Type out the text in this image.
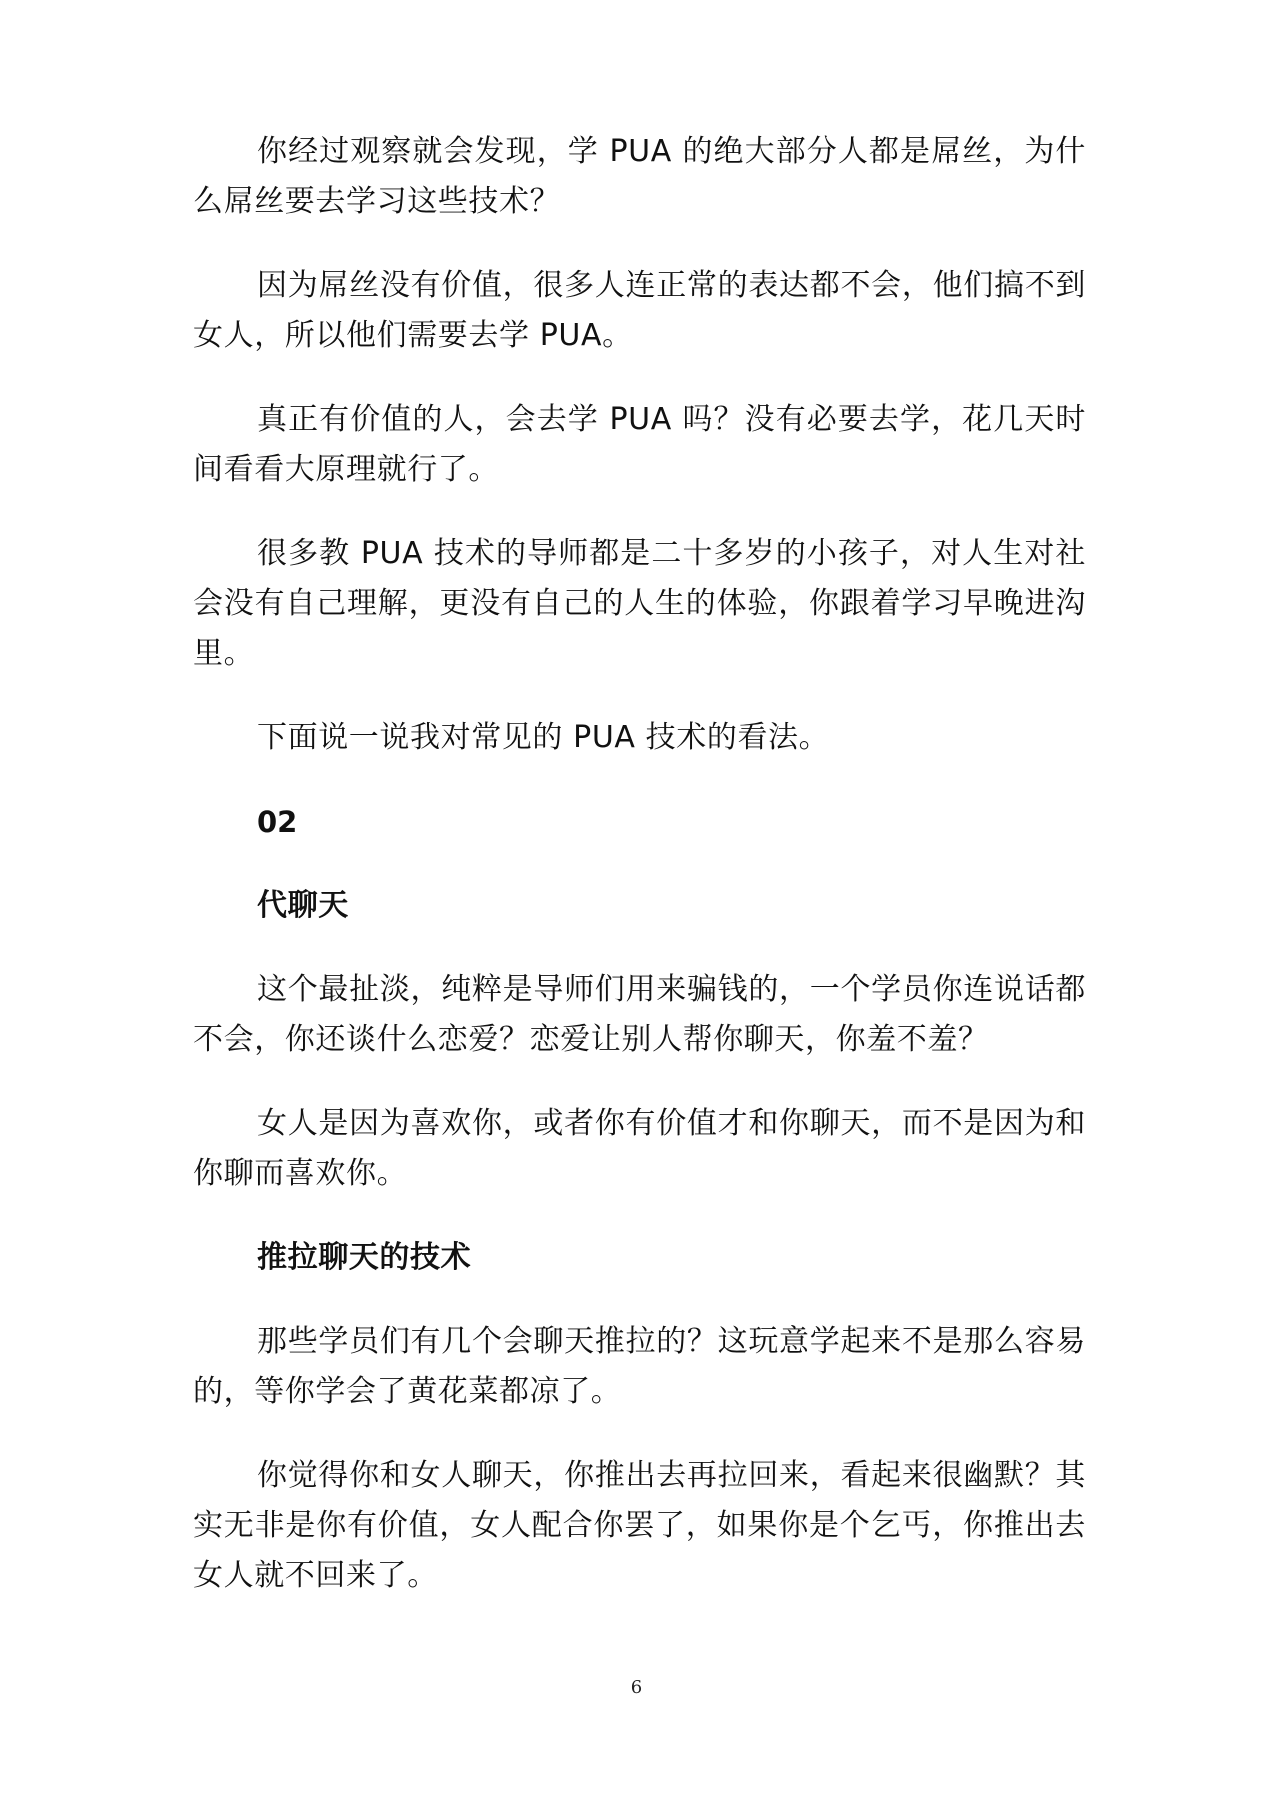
你经过观察就会发现，学 PUA 的绝大部分人都是屌丝，为什么屌丝要去学习这些技术？

因为屌丝没有价值，很多人连正常的表达都不会，他们搞不到女人，所以他们需要去学 PUA。

真正有价值的人，会去学 PUA 吗？没有必要去学，花几天时间看看大原理就行了。

很多教 PUA 技术的导师都是二十多岁的小孩子，对人生对社会没有自己理解，更没有自己的人生的体验，你跟着学习早晚进沟里。

下面说一说我对常见的 PUA 技术的看法。

02

代聊天

这个最扯淡，纯粹是导师们用来骗钱的，一个学员你连说话都不会，你还谈什么恋爱？恋爱让别人帮你聊天，你羞不羞？

女人是因为喜欢你，或者你有价值才和你聊天，而不是因为和你聊而喜欢你。

推拉聊天的技术

那些学员们有几个会聊天推拉的？这玩意学起来不是那么容易的，等你学会了黄花菜都凉了。

你觉得你和女人聊天，你推出去再拉回来，看起来很幽默？其实无非是你有价值，女人配合你罢了，如果你是个乞丐，你推出去女人就不回来了。

6
